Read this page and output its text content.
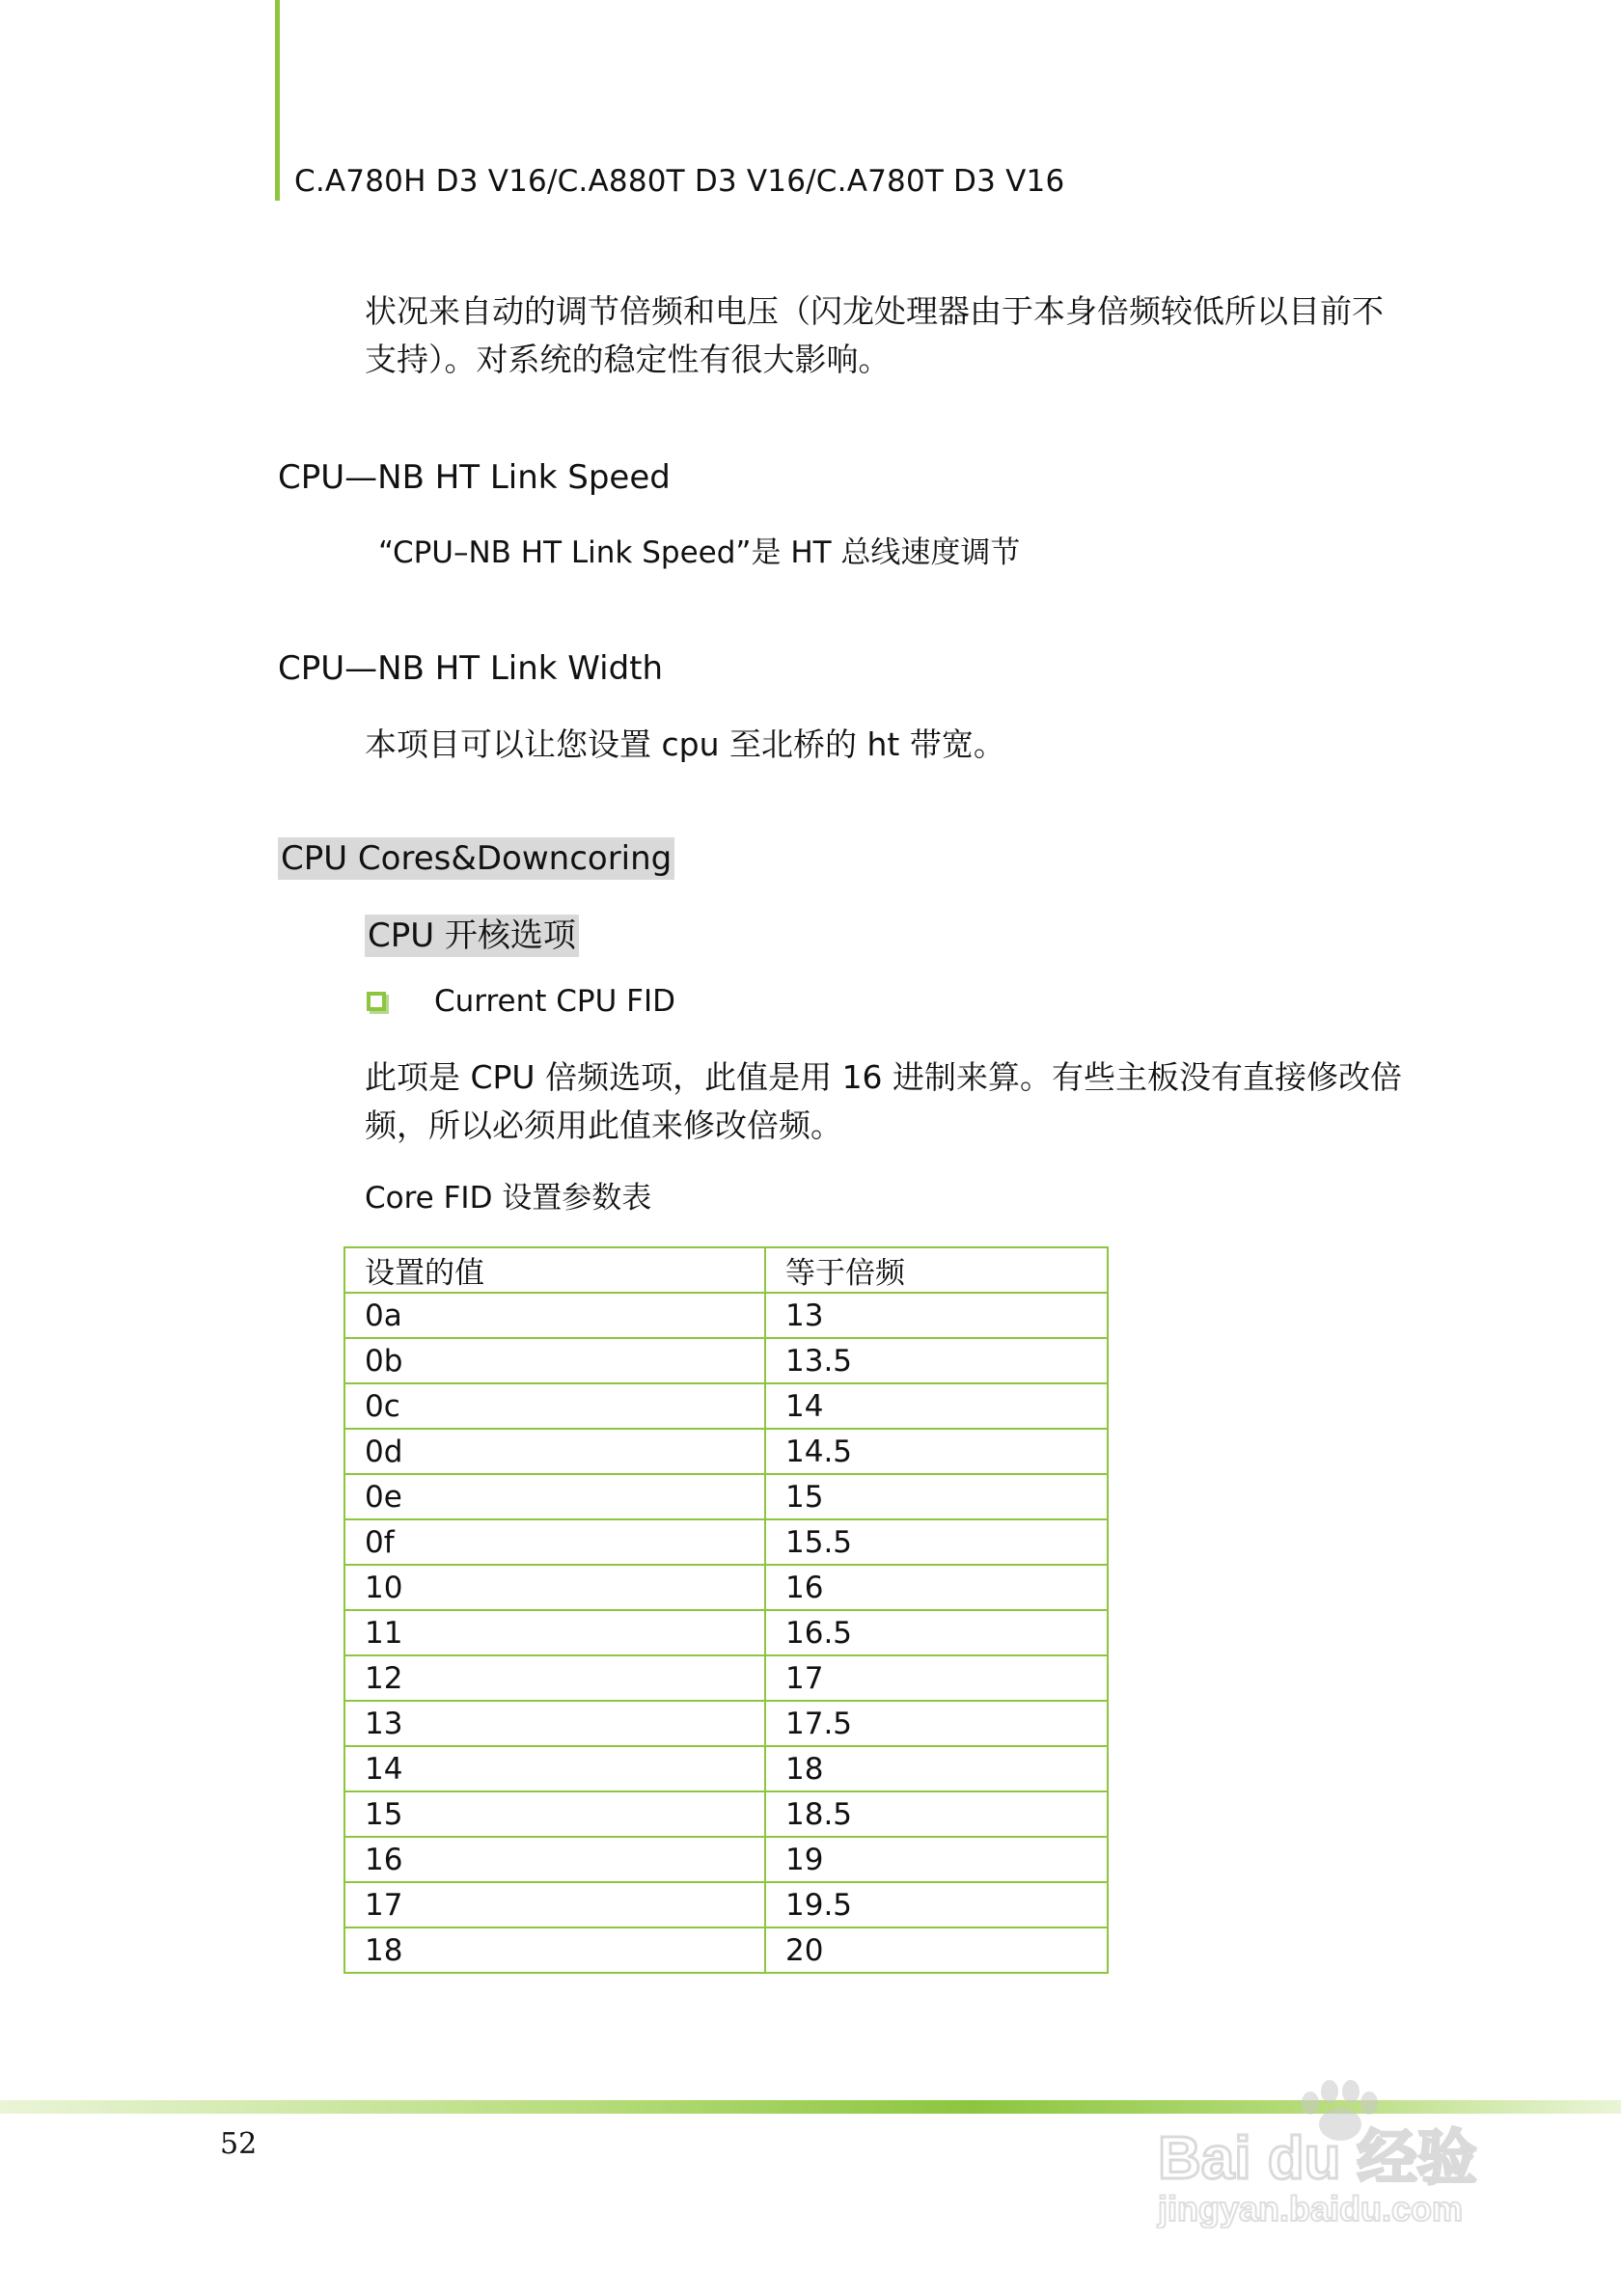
C.A780H D3 V16/C.A880T D3 V16/C.A780T D3 V16
状况来自动的调节倍频和电压（闪龙处理器由于本身倍频较低所以目前不
支持）。对系统的稳定性有很大影响。
CPU—NB HT Link Speed
“CPU–NB HT Link Speed”是 HT 总线速度调节
CPU—NB HT Link Width
本项目可以让您设置 cpu 至北桥的 ht 带宽。
CPU Cores&Downcoring
CPU 开核选项
Current CPU FID
此项是 CPU 倍频选项，此值是用 16 进制来算。有些主板没有直接修改倍
频，所以必须用此值来修改倍频。
Core FID 设置参数表
设置的值	等于倍频
0a	13
0b	13.5
0c	14
0d	14.5
0e	15
0f	15.5
10	16
11	16.5
12	17
13	17.5
14	18
15	18.5
16	19
17	19.5
18	20
52	Bai du 经验
jingyan.baidu.com
